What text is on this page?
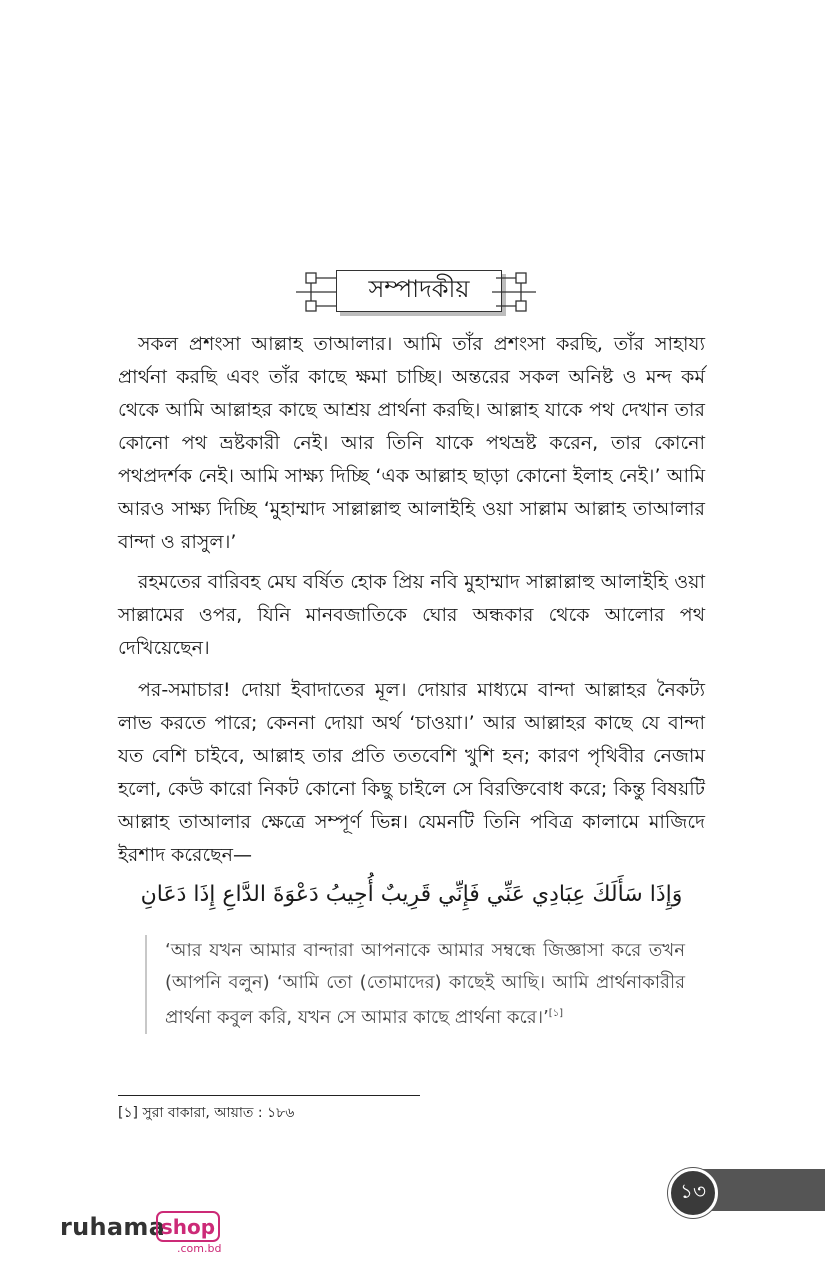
সম্পাদকীয়

সকল প্রশংসা আল্লাহ তাআলার। আমি তাঁর প্রশংসা করছি, তাঁর সাহায্য প্রার্থনা করছি এবং তাঁর কাছে ক্ষমা চাচ্ছি। অন্তরের সকল অনিষ্ট ও মন্দ কর্ম থেকে আমি আল্লাহর কাছে আশ্রয় প্রার্থনা করছি। আল্লাহ যাকে পথ দেখান তার কোনো পথ ভ্রষ্টকারী নেই। আর তিনি যাকে পথভ্রষ্ট করেন, তার কোনো পথপ্রদর্শক নেই। আমি সাক্ষ্য দিচ্ছি ‘এক আল্লাহ ছাড়া কোনো ইলাহ নেই।’ আমি আরও সাক্ষ্য দিচ্ছি ‘মুহাম্মাদ সাল্লাল্লাহু আলাইহি ওয়া সাল্লাম আল্লাহ তাআলার বান্দা ও রাসুল।’

রহমতের বারিবহ মেঘ বর্ষিত হোক প্রিয় নবি মুহাম্মাদ সাল্লাল্লাহু আলাইহি ওয়া সাল্লামের ওপর, যিনি মানবজাতিকে ঘোর অন্ধকার থেকে আলোর পথ দেখিয়েছেন।

পর-সমাচার! দোয়া ইবাদাতের মূল। দোয়ার মাধ্যমে বান্দা আল্লাহর নৈকট্য লাভ করতে পারে; কেননা দোয়া অর্থ ‘চাওয়া।’ আর আল্লাহর কাছে যে বান্দা যত বেশি চাইবে, আল্লাহ তার প্রতি ততবেশি খুশি হন; কারণ পৃথিবীর নেজাম হলো, কেউ কারো নিকট কোনো কিছু চাইলে সে বিরক্তিবোধ করে; কিন্তু বিষয়টি আল্লাহ তাআলার ক্ষেত্রে সম্পূর্ণ ভিন্ন। যেমনটি তিনি পবিত্র কালামে মাজিদে ইরশাদ করেছেন—

وَإِذَا سَأَلَكَ عِبَادِي عَنِّي فَإِنِّي قَرِيبٌ أُجِيبُ دَعْوَةَ الدَّاعِ إِذَا دَعَانِ
‘আর যখন আমার বান্দারা আপনাকে আমার সম্বন্ধে জিজ্ঞাসা করে তখন (আপনি বলুন) ‘আমি তো (তোমাদের) কাছেই আছি। আমি প্রার্থনাকারীর প্রার্থনা কবুল করি, যখন সে আমার কাছে প্রার্থনা করে।’[১]
[১] সুরা বাকারা, আয়াত : ১৮৬
১৩
ruhama
shop
.com.bd
